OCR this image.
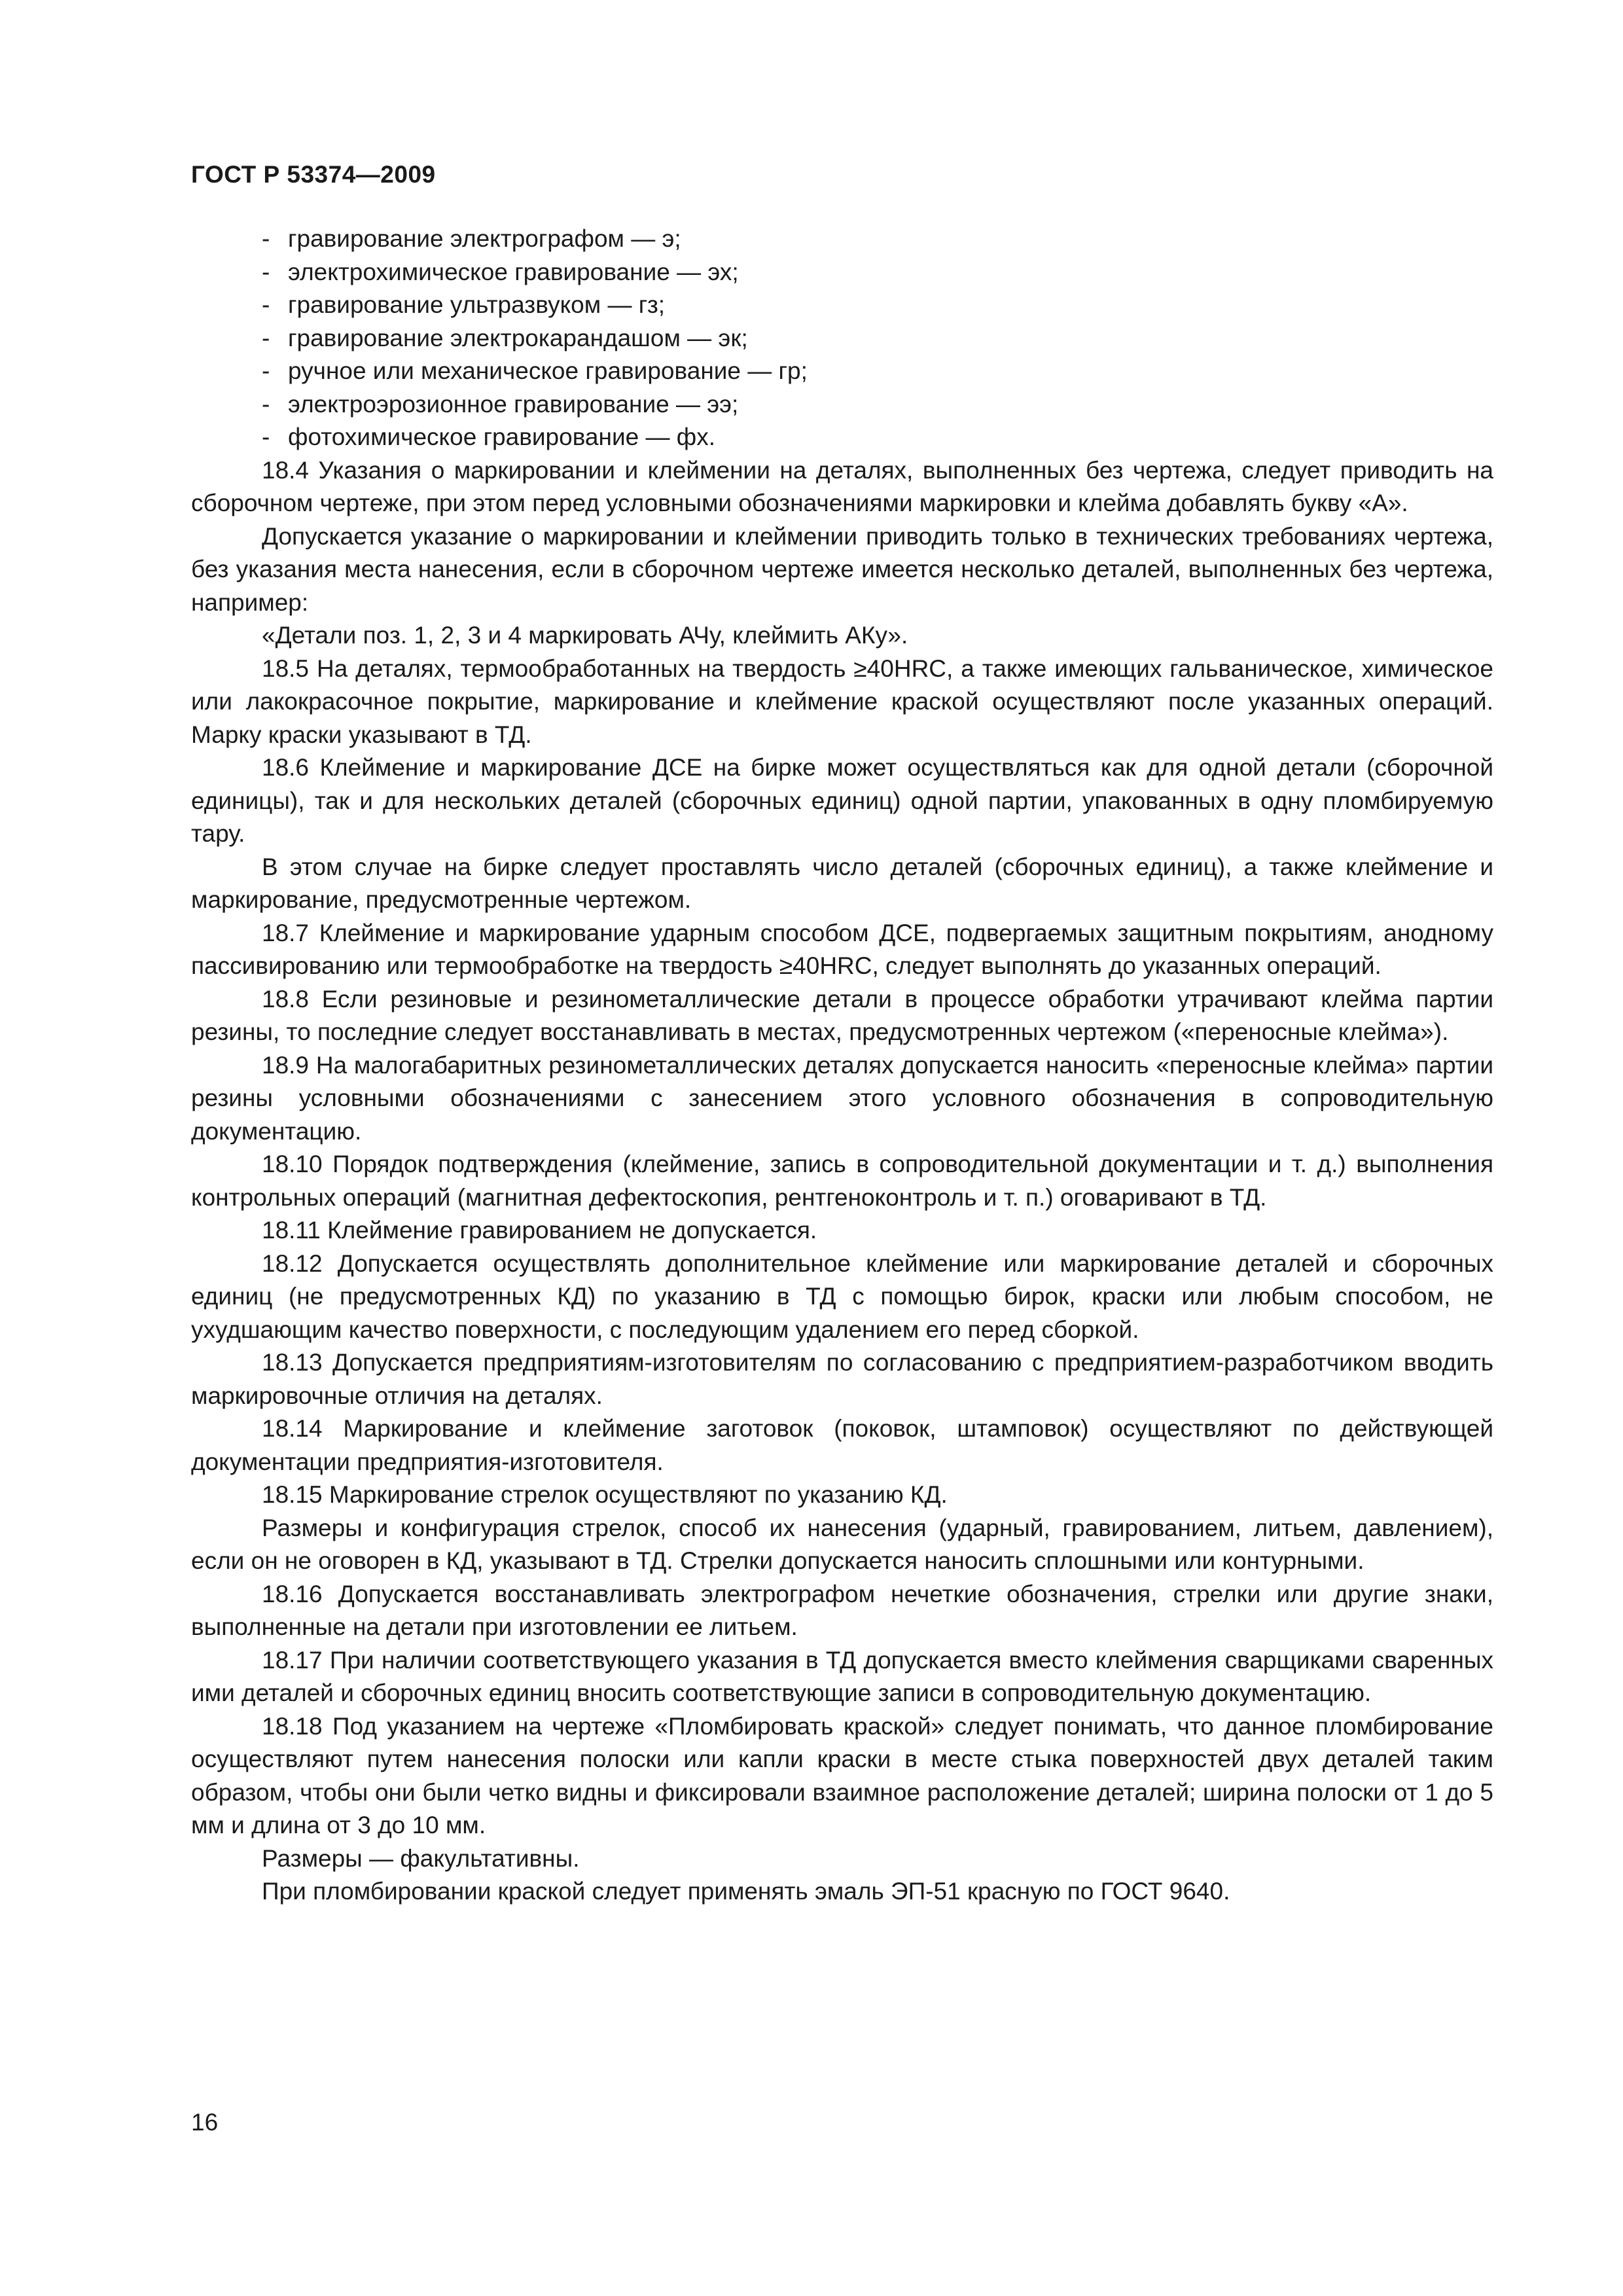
ГОСТ Р 53374—2009
- гравирование электрографом — э;
- электрохимическое гравирование — эх;
- гравирование ультразвуком — гз;
- гравирование электрокарандашом — эк;
- ручное или механическое гравирование — гр;
- электроэрозионное гравирование — ээ;
- фотохимическое гравирование — фх.
18.4 Указания о маркировании и клеймении на деталях, выполненных без чертежа, следует приводить на сборочном чертеже, при этом перед условными обозначениями маркировки и клейма добавлять букву «А».
Допускается указание о маркировании и клеймении приводить только в технических требованиях чертежа, без указания места нанесения, если в сборочном чертеже имеется несколько деталей, выполненных без чертежа, например:
«Детали поз. 1, 2, 3 и 4 маркировать АЧу, клеймить АКу».
18.5 На деталях, термообработанных на твердость ≥40HRC, а также имеющих гальваническое, химическое или лакокрасочное покрытие, маркирование и клеймение краской осуществляют после указанных операций. Марку краски указывают в ТД.
18.6 Клеймение и маркирование ДСЕ на бирке может осуществляться как для одной детали (сборочной единицы), так и для нескольких деталей (сборочных единиц) одной партии, упакованных в одну пломбируемую тару.
В этом случае на бирке следует проставлять число деталей (сборочных единиц), а также клеймение и маркирование, предусмотренные чертежом.
18.7 Клеймение и маркирование ударным способом ДСЕ, подвергаемых защитным покрытиям, анодному пассивированию или термообработке на твердость ≥40HRC, следует выполнять до указанных операций.
18.8 Если резиновые и резинометаллические детали в процессе обработки утрачивают клейма партии резины, то последние следует восстанавливать в местах, предусмотренных чертежом («переносные клейма»).
18.9 На малогабаритных резинометаллических деталях допускается наносить «переносные клейма» партии резины условными обозначениями с занесением этого условного обозначения в сопроводительную документацию.
18.10 Порядок подтверждения (клеймение, запись в сопроводительной документации и т. д.) выполнения контрольных операций (магнитная дефектоскопия, рентгеноконтроль и т. п.) оговаривают в ТД.
18.11 Клеймение гравированием не допускается.
18.12 Допускается осуществлять дополнительное клеймение или маркирование деталей и сборочных единиц (не предусмотренных КД) по указанию в ТД с помощью бирок, краски или любым способом, не ухудшающим качество поверхности, с последующим удалением его перед сборкой.
18.13 Допускается предприятиям-изготовителям по согласованию с предприятием-разработчиком вводить маркировочные отличия на деталях.
18.14 Маркирование и клеймение заготовок (поковок, штамповок) осуществляют по действующей документации предприятия-изготовителя.
18.15 Маркирование стрелок осуществляют по указанию КД.
Размеры и конфигурация стрелок, способ их нанесения (ударный, гравированием, литьем, давлением), если он не оговорен в КД, указывают в ТД. Стрелки допускается наносить сплошными или контурными.
18.16 Допускается восстанавливать электрографом нечеткие обозначения, стрелки или другие знаки, выполненные на детали при изготовлении ее литьем.
18.17 При наличии соответствующего указания в ТД допускается вместо клеймения сварщиками сваренных ими деталей и сборочных единиц вносить соответствующие записи в сопроводительную документацию.
18.18 Под указанием на чертеже «Пломбировать краской» следует понимать, что данное пломбирование осуществляют путем нанесения полоски или капли краски в месте стыка поверхностей двух деталей таким образом, чтобы они были четко видны и фиксировали взаимное расположение деталей; ширина полоски от 1 до 5 мм и длина от 3 до 10 мм.
Размеры — факультативны.
При пломбировании краской следует применять эмаль ЭП-51 красную по ГОСТ 9640.
16
